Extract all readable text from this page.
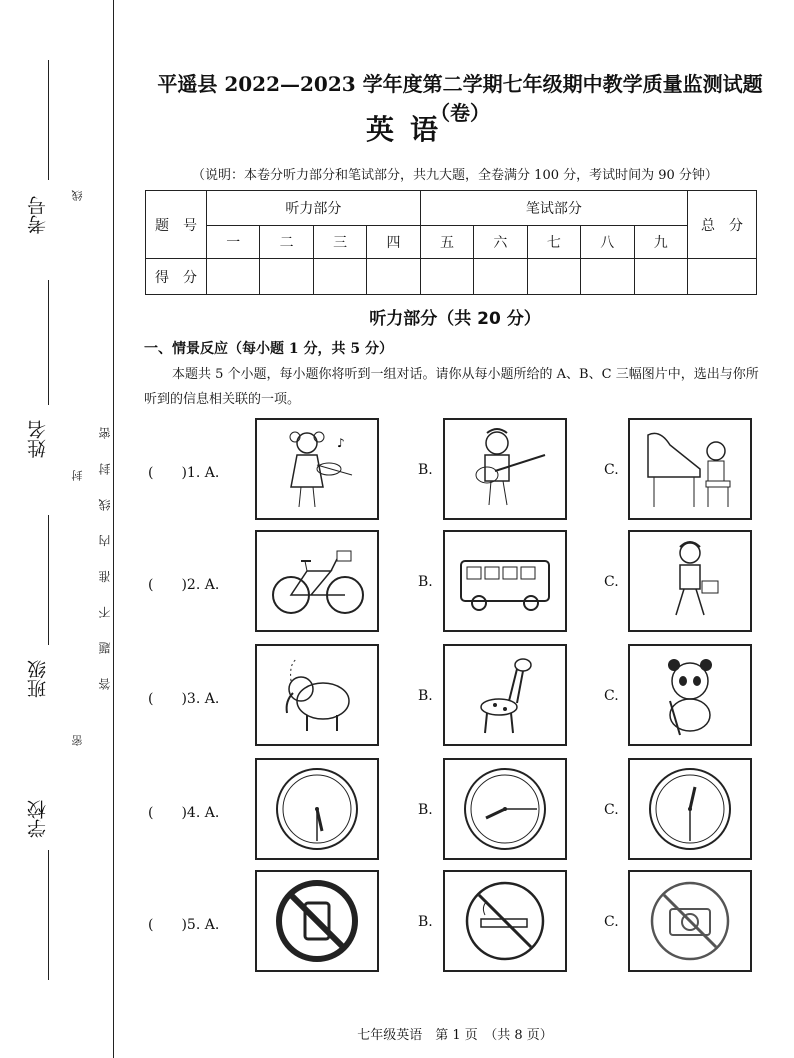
考号
姓名
班级
学校
答 题 不 准 内 线 封 密
线
封
密
平遥县 2022—2023 学年度第二学期七年级期中教学质量监测试题（卷）
英语
（说明：本卷分听力部分和笔试部分，共九大题，全卷满分 100 分，考试时间为 90 分钟）
题　号	听力部分				笔试部分					总　分
	一	二	三	四	五	六	七	八	九	
得　分										
听力部分（共 20 分）
一、情景反应（每小题 1 分，共 5 分）
本题共 5 个小题，每小题你将听到一组对话。请你从每小题所给的 A、B、C 三幅图片中，选出与你所听到的信息相关联的一项。
(　　)1. A.
♪
B.	C.
(　　)2. A.	B.	C.
(　　)3. A.	B.	C.
(　　)4. A.	B.	C.
(　　)5. A.	B.	C.
七年级英语　第 1 页　（共 8 页）
